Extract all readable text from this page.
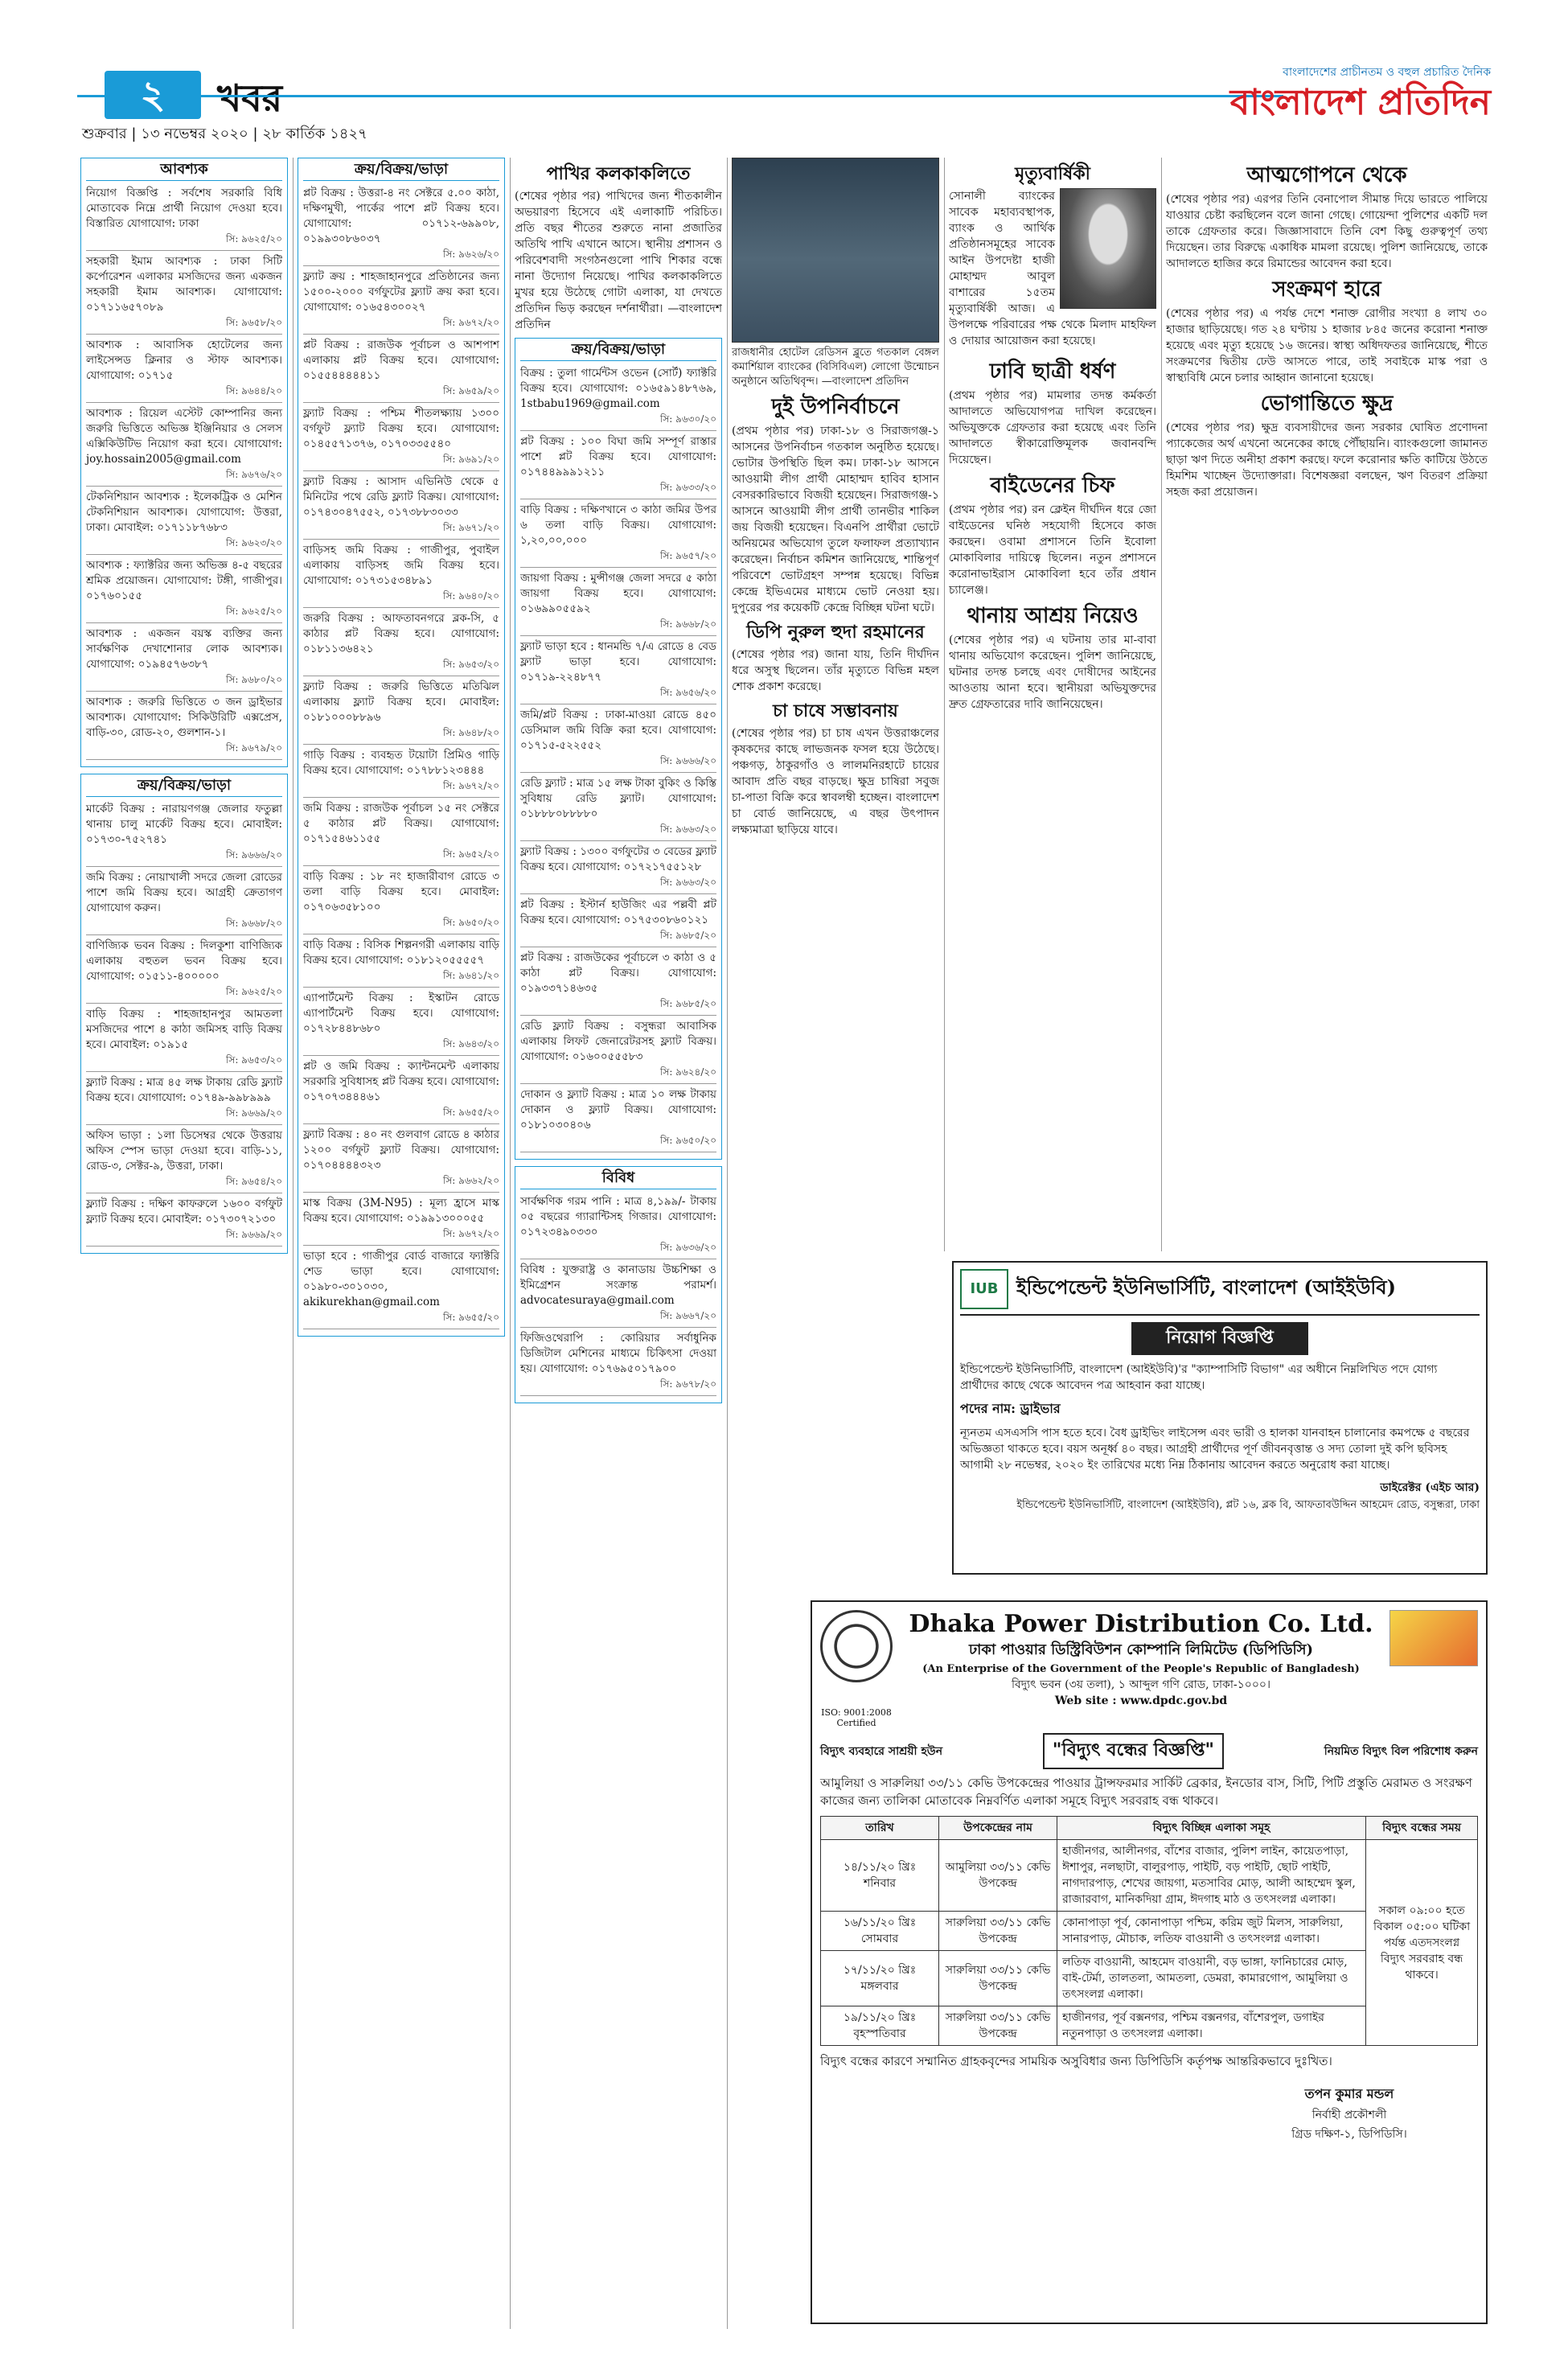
২	খবর
শুক্রবার | ১৩ নভেম্বর ২০২০ | ২৮ কার্তিক ১৪২৭
বাংলাদেশের প্রাচীনতম ও বহুল প্রচারিত দৈনিক
বাংলাদেশ প্রতিদিন
আবশ্যক
নিয়োগ বিজ্ঞপ্তি : সর্বশেষ সরকারি বিধি মোতাবেক নিম্নে প্রার্থী নিয়োগ দেওয়া হবে। বিস্তারিত যোগাযোগ: ঢাকা
সি: ৯৬২৫/২০
সহকারী ইমাম আবশ্যক : ঢাকা সিটি কর্পোরেশন এলাকার মসজিদের জন্য একজন সহকারী ইমাম আবশ্যক। যোগাযোগ: ০১৭১১৬৫৭০৮৯
সি: ৯৬৫৮/২০
আবশ্যক : আবাসিক হোটেলের জন্য লাইসেন্সড ক্লিনার ও স্টাফ আবশ্যক। যোগাযোগ: ০১৭১৫
সি: ৯৬৪৪/২০
আবশ্যক : রিয়েল এস্টেট কোম্পানির জন্য জরুরি ভিত্তিতে অভিজ্ঞ ইঞ্জিনিয়ার ও সেলস এক্সিকিউটিভ নিয়োগ করা হবে। যোগাযোগ: joy.hossain2005@gmail.com
সি: ৯৬৭৬/২০
টেকনিশিয়ান আবশ্যক : ইলেকট্রিক ও মেশিন টেকনিশিয়ান আবশ্যক। যোগাযোগ: উত্তরা, ঢাকা। মোবাইল: ০১৭১১৮৭৬৮৩
সি: ৯৬২৩/২০
আবশ্যক : ফ্যাক্টরির জন্য অভিজ্ঞ ৪-৫ বছরের শ্রমিক প্রয়োজন। যোগাযোগ: টঙ্গী, গাজীপুর। ০১৭৬০১৫৫
সি: ৯৬২৫/২০
আবশ্যক : একজন বয়স্ক ব্যক্তির জন্য সার্বক্ষণিক দেখাশোনার লোক আবশ্যক। যোগাযোগ: ০১৯৪৫৭৬৩৮৭
সি: ৯৬৮০/২০
আবশ্যক : জরুরি ভিত্তিতে ৩ জন ড্রাইভার আবশ্যক। যোগাযোগ: সিকিউরিটি এক্সপ্রেস, বাড়ি-৩০, রোড-২০, গুলশান-১।
সি: ৯৬৭৯/২০
ক্রয়/বিক্রয়/ভাড়া
মার্কেট বিক্রয় : নারায়ণগঞ্জ জেলার ফতুল্লা থানায় চালু মার্কেট বিক্রয় হবে। মোবাইল: ০১৭৩০-৭৫২৭৪১
সি: ৯৬৬৬/২০
জমি বিক্রয় : নোয়াখালী সদরে জেলা রোডের পাশে জমি বিক্রয় হবে। আগ্রহী ক্রেতাগণ যোগাযোগ করুন।
সি: ৯৬৬৮/২০
বাণিজ্যিক ভবন বিক্রয় : দিলকুশা বাণিজ্যিক এলাকায় বহুতল ভবন বিক্রয় হবে। যোগাযোগ: ০১৫১১-৪০০০০০
সি: ৯৬২৫/২০
বাড়ি বিক্রয় : শাহজাহানপুর আমতলা মসজিদের পাশে ৪ কাঠা জমিসহ বাড়ি বিক্রয় হবে। মোবাইল: ০১৯১৫
সি: ৯৬৫৩/২০
ফ্ল্যাট বিক্রয় : মাত্র ৪৫ লক্ষ টাকায় রেডি ফ্ল্যাট বিক্রয় হবে। যোগাযোগ: ০১৭৪৯-৯৯৮৯৯৯
সি: ৯৬৬৯/২০
অফিস ভাড়া : ১লা ডিসেম্বর থেকে উত্তরায় অফিস স্পেস ভাড়া দেওয়া হবে। বাড়ি-১১, রোড-৩, সেক্টর-৯, উত্তরা, ঢাকা।
সি: ৯৬৫৪/২০
ফ্ল্যাট বিক্রয় : দক্ষিণ কাফরুলে ১৬০০ বর্গফুট ফ্ল্যাট বিক্রয় হবে। মোবাইল: ০১৭৩০৭২১৩০
সি: ৯৬৬৯/২০
ক্রয়/বিক্রয়/ভাড়া
প্লট বিক্রয় : উত্তরা-৪ নং সেক্টরে ৫.০০ কাঠা, দক্ষিণমুখী, পার্কের পাশে প্লট বিক্রয় হবে। যোগাযোগ: ০১৭১২-৬৯৯০৮, ০১৯৯৩০৮৬০৩৭
সি: ৯৬২৬/২০
ফ্ল্যাট ক্রয় : শাহজাহানপুরে প্রতিষ্ঠানের জন্য ১৫০০-২০০০ বর্গফুটের ফ্ল্যাট ক্রয় করা হবে। যোগাযোগ: ০১৬৫৪৩০০২৭
সি: ৯৬৭২/২০
প্লট বিক্রয় : রাজউক পূর্বাচল ও আশপাশ এলাকায় প্লট বিক্রয় হবে। যোগাযোগ: ০১৫৫৪৪৪৪৪১১
সি: ৯৬৫৯/২০
ফ্ল্যাট বিক্রয় : পশ্চিম শীতলক্ষ্যায় ১৩০০ বর্গফুট ফ্ল্যাট বিক্রয় হবে। যোগাযোগ: ০১৪৫৫৭১৩৭৬, ০১৭০৩৩৫৫৪০
সি: ৯৬৯১/২০
ফ্ল্যাট বিক্রয় : আসাদ এভিনিউ থেকে ৫ মিনিটের পথে রেডি ফ্ল্যাট বিক্রয়। যোগাযোগ: ০১৭৪৩০৪৭৫৫২, ০১৭৩৮৮৩০৩৩
সি: ৯৬৭১/২০
বাড়িসহ জমি বিক্রয় : গাজীপুর, পুবাইল এলাকায় বাড়িসহ জমি বিক্রয় হবে। যোগাযোগ: ০১৭৩১৫৩৪৮৯১
সি: ৯৬৪০/২০
জরুরি বিক্রয় : আফতাবনগরে ব্লক-সি, ৫ কাঠার প্লট বিক্রয় হবে। যোগাযোগ: ০১৮১১৩৬৪২১
সি: ৯৬৫৩/২০
ফ্ল্যাট বিক্রয় : জরুরি ভিত্তিতে মতিঝিল এলাকায় ফ্ল্যাট বিক্রয় হবে। মোবাইল: ০১৮১০০০৮৮৯৬
সি: ৯৬৪৮/২০
গাড়ি বিক্রয় : ব্যবহৃত টয়োটা প্রিমিও গাড়ি বিক্রয় হবে। যোগাযোগ: ০১৭৮৮১২৩৪৪৪
সি: ৯৬৭২/২০
জমি বিক্রয় : রাজউক পূর্বাচল ১৫ নং সেক্টরে ৫ কাঠার প্লট বিক্রয়। যোগাযোগ: ০১৭১৫৪৬১১৫৫
সি: ৯৬৫২/২০
বাড়ি বিক্রয় : ১৮ নং হাজারীবাগ রোডে ৩ তলা বাড়ি বিক্রয় হবে। মোবাইল: ০১৭০৬৩৫৮১০০
সি: ৯৬৫০/২০
বাড়ি বিক্রয় : বিসিক শিল্পনগরী এলাকায় বাড়ি বিক্রয় হবে। যোগাযোগ: ০১৮১২০৫৫৫৫৭
সি: ৯৬৪১/২০
এ্যাপার্টমেন্ট বিক্রয় : ইস্কাটন রোডে এ্যাপার্টমেন্ট বিক্রয় হবে। যোগাযোগ: ০১৭২৮৪৪৮৬৮০
সি: ৯৬৪৩/২০
প্লট ও জমি বিক্রয় : ক্যান্টনমেন্ট এলাকায় সরকারি সুবিধাসহ প্লট বিক্রয় হবে। যোগাযোগ: ০১৭০৭৩৪৪৪৬১
সি: ৯৬৫৫/২০
ফ্ল্যাট বিক্রয় : ৪০ নং গুলবাগ রোডে ৪ কাঠার ১২০০ বর্গফুট ফ্ল্যাট বিক্রয়। যোগাযোগ: ০১৭০৪৪৪৪৩২৩
সি: ৯৬৬২/২০
মাস্ক বিক্রয় (3M-N95) : মূল্য হ্রাসে মাস্ক বিক্রয় হবে। যোগাযোগ: ০১৯৯১৩০০০৫৫
সি: ৯৬৭২/২০
ভাড়া হবে : গাজীপুর বোর্ড বাজারে ফ্যাক্টরি শেড ভাড়া হবে। যোগাযোগ: ০১৯৮০-৩০১০৩০, akikurekhan@gmail.com
সি: ৯৬৫৫/২০
পাখির কলকাকলিতে

(শেষের পৃষ্ঠার পর) পাখিদের জন্য শীতকালীন অভয়ারণ্য হিসেবে এই এলাকাটি পরিচিত। প্রতি বছর শীতের শুরুতে নানা প্রজাতির অতিথি পাখি এখানে আসে। স্থানীয় প্রশাসন ও পরিবেশবাদী সংগঠনগুলো পাখি শিকার বন্ধে নানা উদ্যোগ নিয়েছে। পাখির কলকাকলিতে মুখর হয়ে উঠেছে গোটা এলাকা, যা দেখতে প্রতিদিন ভিড় করছেন দর্শনার্থীরা। —বাংলাদেশ প্রতিদিন

ক্রয়/বিক্রয়/ভাড়া
বিক্রয় : তুলা গার্মেন্টস ওভেন (সোর্ট) ফ্যাক্টরি বিক্রয় হবে। যোগাযোগ: ০১৬৫৯১৪৮৭৬৯, 1stbabu1969@gmail.com
সি: ৯৬৩০/২০
প্লট বিক্রয় : ১০০ বিঘা জমি সম্পূর্ণ রাস্তার পাশে প্লট বিক্রয় হবে। যোগাযোগ: ০১৭৪৪৯৯৯১২১১
সি: ৯৬৩৩/২০
বাড়ি বিক্রয় : দক্ষিণখানে ৩ কাঠা জমির উপর ৬ তলা বাড়ি বিক্রয়। যোগাযোগ: ১,২০,০০,০০০
সি: ৯৬৫৭/২০
জায়গা বিক্রয় : মুন্সীগঞ্জ জেলা সদরে ৫ কাঠা জায়গা বিক্রয় হবে। যোগাযোগ: ০১৬৯৯০৫৫৯২
সি: ৯৬৬৮/২০
ফ্ল্যাট ভাড়া হবে : ধানমন্ডি ৭/এ রোডে ৪ বেড ফ্ল্যাট ভাড়া হবে। যোগাযোগ: ০১৭১৯-২২৪৮৭৭
সি: ৯৬৫৬/২০
জমি/প্লট বিক্রয় : ঢাকা-মাওয়া রোডে ৪৫০ ডেসিমাল জমি বিক্রি করা হবে। যোগাযোগ: ০১৭১৫-৫২২৫৫২
সি: ৯৬৬৬/২০
রেডি ফ্ল্যাট : মাত্র ১৫ লক্ষ টাকা বুকিং ও কিস্তি সুবিধায় রেডি ফ্ল্যাট। যোগাযোগ: ০১৮৮৮০৮৮৮৮০
সি: ৯৬৬৩/২০
ফ্ল্যাট বিক্রয় : ১৩০০ বর্গফুটের ৩ বেডের ফ্ল্যাট বিক্রয় হবে। যোগাযোগ: ০১৭২১৭৫৫১২৮
সি: ৯৬৬৩/২০
প্লট বিক্রয় : ইস্টার্ন হাউজিং এর পল্লবী প্লট বিক্রয় হবে। যোগাযোগ: ০১৭৫৩০৮৬০১২১
সি: ৯৬৮৫/২০
প্লট বিক্রয় : রাজউকের পূর্বাচলে ৩ কাঠা ও ৫ কাঠা প্লট বিক্রয়। যোগাযোগ: ০১৯৩৩৭১৪৬৩৫
সি: ৯৬৮৫/২০
রেডি ফ্ল্যাট বিক্রয় : বসুন্ধরা আবাসিক এলাকায় লিফট জেনারেটরসহ ফ্ল্যাট বিক্রয়। যোগাযোগ: ০১৬০০৫৫৫৮৩
সি: ৯৬২৪/২০
দোকান ও ফ্ল্যাট বিক্রয় : মাত্র ১০ লক্ষ টাকায় দোকান ও ফ্ল্যাট বিক্রয়। যোগাযোগ: ০১৮১০৩০৪০৬
সি: ৯৬৫০/২০
বিবিধ
সার্বক্ষণিক গরম পানি : মাত্র ৪,১৯৯/- টাকায় ০৫ বছরের গ্যারান্টিসহ গিজার। যোগাযোগ: ০১৭২৩৪৯০৩৩০
সি: ৯৬৩৬/২০
বিবিধ : যুক্তরাষ্ট্র ও কানাডায় উচ্চশিক্ষা ও ইমিগ্রেশন সংক্রান্ত পরামর্শ। advocatesuraya@gmail.com
সি: ৯৬৬৭/২০
ফিজিওথেরাপি : কোরিয়ার সর্বাধুনিক ডিজিটাল মেশিনের মাধ্যমে চিকিৎসা দেওয়া হয়। যোগাযোগ: ০১৭৬৯৫০১৭৯০০
সি: ৯৬৭৮/২০
রাজধানীর হোটেল রেডিসন ব্লুতে গতকাল বেঙ্গল কমার্শিয়াল ব্যাংকের (বিসিবিএল) লোগো উন্মোচন অনুষ্ঠানে অতিথিবৃন্দ। —বাংলাদেশ প্রতিদিন
দুই উপনির্বাচনে

(প্রথম পৃষ্ঠার পর) ঢাকা-১৮ ও সিরাজগঞ্জ-১ আসনের উপনির্বাচন গতকাল অনুষ্ঠিত হয়েছে। ভোটার উপস্থিতি ছিল কম। ঢাকা-১৮ আসনে আওয়ামী লীগ প্রার্থী মোহাম্মদ হাবিব হাসান বেসরকারিভাবে বিজয়ী হয়েছেন। সিরাজগঞ্জ-১ আসনে আওয়ামী লীগ প্রার্থী তানভীর শাকিল জয় বিজয়ী হয়েছেন। বিএনপি প্রার্থীরা ভোটে অনিয়মের অভিযোগ তুলে ফলাফল প্রত্যাখ্যান করেছেন। নির্বাচন কমিশন জানিয়েছে, শান্তিপূর্ণ পরিবেশে ভোটগ্রহণ সম্পন্ন হয়েছে। বিভিন্ন কেন্দ্রে ইভিএমের মাধ্যমে ভোট নেওয়া হয়। দুপুরের পর কয়েকটি কেন্দ্রে বিচ্ছিন্ন ঘটনা ঘটে।

ডিপি নুরুল হুদা রহমানের

(শেষের পৃষ্ঠার পর) জানা যায়, তিনি দীর্ঘদিন ধরে অসুস্থ ছিলেন। তাঁর মৃত্যুতে বিভিন্ন মহল শোক প্রকাশ করেছে।

চা চাষে সম্ভাবনায়

(শেষের পৃষ্ঠার পর) চা চাষ এখন উত্তরাঞ্চলের কৃষকদের কাছে লাভজনক ফসল হয়ে উঠেছে। পঞ্চগড়, ঠাকুরগাঁও ও লালমনিরহাটে চায়ের আবাদ প্রতি বছর বাড়ছে। ক্ষুদ্র চাষিরা সবুজ চা-পাতা বিক্রি করে স্বাবলম্বী হচ্ছেন। বাংলাদেশ চা বোর্ড জানিয়েছে, এ বছর উৎপাদন লক্ষ্যমাত্রা ছাড়িয়ে যাবে।

মৃত্যুবার্ষিকী

সোনালী ব্যাংকের সাবেক মহাব্যবস্থাপক, ব্যাংক ও আর্থিক প্রতিষ্ঠানসমূহের সাবেক আইন উপদেষ্টা হাজী মোহাম্মদ আবুল বাশারের ১৫তম মৃত্যুবার্ষিকী আজ। এ উপলক্ষে পরিবারের পক্ষ থেকে মিলাদ মাহফিল ও দোয়ার আয়োজন করা হয়েছে।

ঢাবি ছাত্রী ধর্ষণ

(প্রথম পৃষ্ঠার পর) মামলার তদন্ত কর্মকর্তা আদালতে অভিযোগপত্র দাখিল করেছেন। অভিযুক্তকে গ্রেফতার করা হয়েছে এবং তিনি আদালতে স্বীকারোক্তিমূলক জবানবন্দি দিয়েছেন।

বাইডেনের চিফ

(প্রথম পৃষ্ঠার পর) রন ক্লেইন দীর্ঘদিন ধরে জো বাইডেনের ঘনিষ্ঠ সহযোগী হিসেবে কাজ করছেন। ওবামা প্রশাসনে তিনি ইবোলা মোকাবিলার দায়িত্বে ছিলেন। নতুন প্রশাসনে করোনাভাইরাস মোকাবিলা হবে তাঁর প্রধান চ্যালেঞ্জ।

থানায় আশ্রয় নিয়েও

(শেষের পৃষ্ঠার পর) এ ঘটনায় তার মা-বাবা থানায় অভিযোগ করেছেন। পুলিশ জানিয়েছে, ঘটনার তদন্ত চলছে এবং দোষীদের আইনের আওতায় আনা হবে। স্থানীয়রা অভিযুক্তদের দ্রুত গ্রেফতারের দাবি জানিয়েছেন।

আত্মগোপনে থেকে

(শেষের পৃষ্ঠার পর) এরপর তিনি বেনাপোল সীমান্ত দিয়ে ভারতে পালিয়ে যাওয়ার চেষ্টা করছিলেন বলে জানা গেছে। গোয়েন্দা পুলিশের একটি দল তাকে গ্রেফতার করে। জিজ্ঞাসাবাদে তিনি বেশ কিছু গুরুত্বপূর্ণ তথ্য দিয়েছেন। তার বিরুদ্ধে একাধিক মামলা রয়েছে। পুলিশ জানিয়েছে, তাকে আদালতে হাজির করে রিমান্ডের আবেদন করা হবে।

সংক্রমণ হারে

(শেষের পৃষ্ঠার পর) এ পর্যন্ত দেশে শনাক্ত রোগীর সংখ্যা ৪ লাখ ৩০ হাজার ছাড়িয়েছে। গত ২৪ ঘণ্টায় ১ হাজার ৮৪৫ জনের করোনা শনাক্ত হয়েছে এবং মৃত্যু হয়েছে ১৬ জনের। স্বাস্থ্য অধিদফতর জানিয়েছে, শীতে সংক্রমণের দ্বিতীয় ঢেউ আসতে পারে, তাই সবাইকে মাস্ক পরা ও স্বাস্থ্যবিধি মেনে চলার আহ্বান জানানো হয়েছে।

ভোগান্তিতে ক্ষুদ্র

(শেষের পৃষ্ঠার পর) ক্ষুদ্র ব্যবসায়ীদের জন্য সরকার ঘোষিত প্রণোদনা প্যাকেজের অর্থ এখনো অনেকের কাছে পৌঁছায়নি। ব্যাংকগুলো জামানত ছাড়া ঋণ দিতে অনীহা প্রকাশ করছে। ফলে করোনার ক্ষতি কাটিয়ে উঠতে হিমশিম খাচ্ছেন উদ্যোক্তারা। বিশেষজ্ঞরা বলছেন, ঋণ বিতরণ প্রক্রিয়া সহজ করা প্রয়োজন।

IUB ইন্ডিপেন্ডেন্ট ইউনিভার্সিটি, বাংলাদেশ (আইইউবি)
নিয়োগ বিজ্ঞপ্তি

ইন্ডিপেন্ডেন্ট ইউনিভার্সিটি, বাংলাদেশ (আইইউবি)'র "ক্যাম্পাসিটি বিভাগ" এর অধীনে নিম্নলিখিত পদে যোগ্য প্রার্থীদের কাছে থেকে আবেদন পত্র আহবান করা যাচ্ছে।

পদের নাম: ড্রাইভার

ন্যূনতম এসএসসি পাস হতে হবে। বৈধ ড্রাইভিং লাইসেন্স এবং ভারী ও হালকা যানবাহন চালানোর কমপক্ষে ৫ বছরের অভিজ্ঞতা থাকতে হবে। বয়স অনূর্ধ্ব ৪০ বছর। আগ্রহী প্রার্থীদের পূর্ণ জীবনবৃত্তান্ত ও সদ্য তোলা দুই কপি ছবিসহ আগামী ২৮ নভেম্বর, ২০২০ ইং তারিখের মধ্যে নিম্ন ঠিকানায় আবেদন করতে অনুরোধ করা যাচ্ছে।

ডাইরেক্টর (এইচ আর)

ইন্ডিপেন্ডেন্ট ইউনিভার্সিটি, বাংলাদেশ (আইইউবি), প্লট ১৬, ব্লক বি, আফতাবউদ্দিন আহমেদ রোড, বসুন্ধরা, ঢাকা

Dhaka Power Distribution Co. Ltd.
ঢাকা পাওয়ার ডিস্ট্রিবিউশন কোম্পানি লিমিটেড (ডিপিডিসি)
(An Enterprise of the Government of the People's Republic of Bangladesh)
বিদ্যুৎ ভবন (৩য় তলা), ১ আব্দুল গণি রোড, ঢাকা-১০০০।
Web site : www.dpdc.gov.bd
ISO: 9001:2008 Certified
বিদ্যুৎ ব্যবহারে সাশ্রয়ী হউন	"বিদ্যুৎ বন্ধের বিজ্ঞপ্তি"	নিয়মিত বিদ্যুৎ বিল পরিশোধ করুন

আমুলিয়া ও সারুলিয়া ৩৩/১১ কেভি উপকেন্দ্রের পাওয়ার ট্রান্সফরমার সার্কিট ব্রেকার, ইনডোর বাস, সিটি, পিটি প্রস্তুতি মেরামত ও সংরক্ষণ কাজের জন্য তালিকা মোতাবেক নিম্নবর্ণিত এলাকা সমূহে বিদ্যুৎ সরবরাহ বন্ধ থাকবে।

তারিখ	উপকেন্দ্রের নাম	বিদ্যুৎ বিচ্ছিন্ন এলাকা সমূহ	বিদ্যুৎ বন্ধের সময়
১৪/১১/২০ খ্রিঃ শনিবার	আমুলিয়া ৩৩/১১ কেভি উপকেন্দ্র	হাজীনগর, আলীনগর, বাঁশের বাজার, পুলিশ লাইন, কায়েতপাড়া, ঈশাপুর, নলছাটা, বালুরপাড়, পাইটি, বড় পাইটি, ছোট পাইটি, নাগদারপাড়, শেখের জায়গা, মতসাবির মোড়, আলী আহম্মেদ স্কুল, রাজারবাগ, মানিকদিয়া গ্রাম, ঈদগাহ মাঠ ও তৎসংলগ্ন এলাকা।	সকাল ০৯:০০ হতে বিকাল ০৫:০০ ঘটিকা পর্যন্ত এতদসংলগ্ন বিদ্যুৎ সরবরাহ বন্ধ থাকবে।
১৬/১১/২০ খ্রিঃ সোমবার	সারুলিয়া ৩৩/১১ কেভি উপকেন্দ্র	কোনাপাড়া পূর্ব, কোনাপাড়া পশ্চিম, করিম জুট মিলস, সারুলিয়া, সানারপাড়, মৌচাক, লতিফ বাওয়ানী ও তৎসংলগ্ন এলাকা।	
১৭/১১/২০ খ্রিঃ মঙ্গলবার	সারুলিয়া ৩৩/১১ কেভি উপকেন্দ্র	লতিফ বাওয়ানী, আহমেদ বাওয়ানী, বড় ভাঙ্গা, ফানিচারের মোড়, বাই-টের্মা, তালতলা, আমতলা, ডেমরা, কামারগোপ, আমুলিয়া ও তৎসংলগ্ন এলাকা।	
১৯/১১/২০ খ্রিঃ বৃহস্পতিবার	সারুলিয়া ৩৩/১১ কেভি উপকেন্দ্র	হাজীনগর, পূর্ব বক্সনগর, পশ্চিম বক্সনগর, বাঁশেরপুল, ডগাইর নতুনপাড়া ও তৎসংলগ্ন এলাকা।	

বিদ্যুৎ বন্ধের কারণে সম্মানিত গ্রাহকবৃন্দের সাময়িক অসুবিধার জন্য ডিপিডিসি কর্তৃপক্ষ আন্তরিকভাবে দুঃখিত।

তপন কুমার মন্ডল
নির্বাহী প্রকৌশলী
গ্রিড দক্ষিণ-১, ডিপিডিসি।
